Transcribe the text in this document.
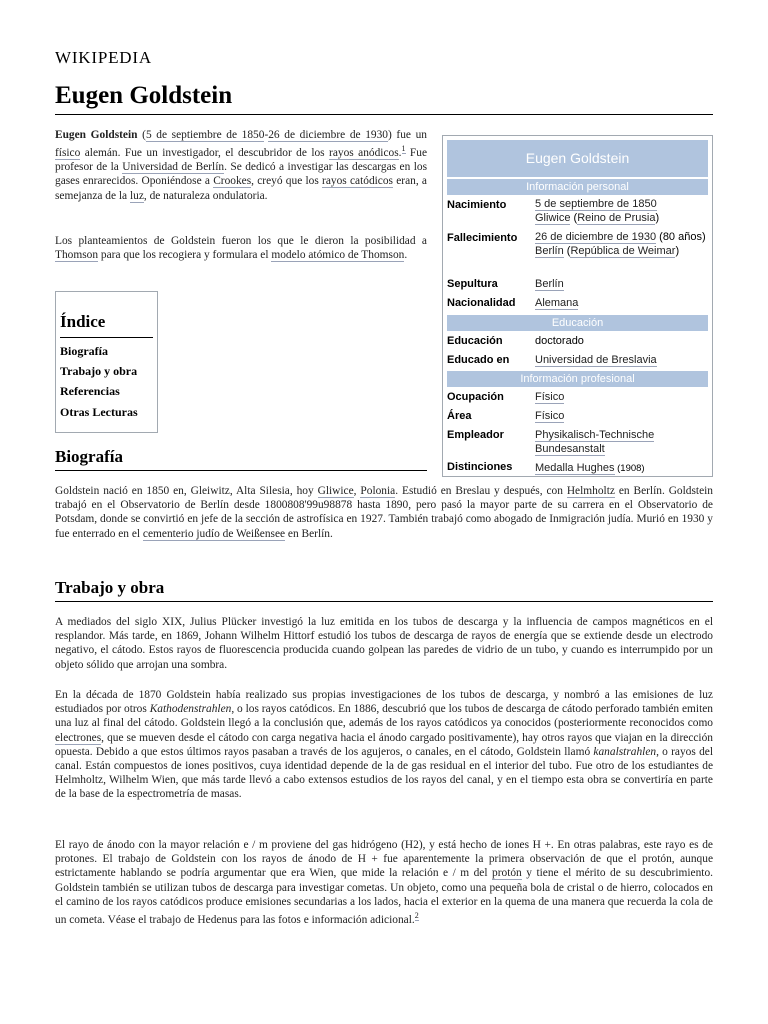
WIKIPEDIA
Eugen Goldstein

Eugen Goldstein (5 de septiembre de 1850-26 de diciembre de 1930) fue un físico alemán. Fue un investigador, el descubridor de los rayos anódicos.$^1$ Fue profesor de la Universidad de Berlín. Se dedicó a investigar las descargas en los gases enrarecidos. Oponiéndose a Crookes, creyó que los rayos catódicos eran, a semejanza de la luz, de naturaleza ondulatoria.

Los planteamientos de Goldstein fueron los que le dieron la posibilidad a Thomson para que los recogiera y formulara el modelo atómico de Thomson.

Índice
Biografía
Trabajo y obra
Referencias
Otras Lecturas
Eugen Goldstein
Información personal
Nacimiento	5 de septiembre de 1850
Gliwice (Reino de Prusia)
Fallecimiento 26 de diciembre de 1930 (80 años)
Berlín (República de Weimar)
Sepultura	Berlín
Nacionalidad Alemana
Educación
Educación	doctorado
Educado en Universidad de Breslavia
Información profesional
Ocupación	Físico
Área	Físico
Empleador	Physikalisch-Technische Bundesanstalt
Distinciones Medalla Hughes (1908)
Biografía

Goldstein nació en 1850 en, Gleiwitz, Alta Silesia, hoy Gliwice, Polonia. Estudió en Breslau y después, con Helmholtz en Berlín. Goldstein trabajó en el Observatorio de Berlín desde 1800808'99u98878 hasta 1890, pero pasó la mayor parte de su carrera en el Observatorio de Potsdam, donde se convirtió en jefe de la sección de astrofísica en 1927. También trabajó como abogado de Inmigración judía. Murió en 1930 y fue enterrado en el cementerio judío de Weißensee en Berlín.

Trabajo y obra

A mediados del siglo XIX, Julius Plücker investigó la luz emitida en los tubos de descarga y la influencia de campos magnéticos en el resplandor. Más tarde, en 1869, Johann Wilhelm Hittorf estudió los tubos de descarga de rayos de energía que se extiende desde un electrodo negativo, el cátodo. Estos rayos de fluorescencia producida cuando golpean las paredes de vidrio de un tubo, y cuando es interrumpido por un objeto sólido que arrojan una sombra.

En la década de 1870 Goldstein había realizado sus propias investigaciones de los tubos de descarga, y nombró a las emisiones de luz estudiados por otros Kathodenstrahlen, o los rayos catódicos. En 1886, descubrió que los tubos de descarga de cátodo perforado también emiten una luz al final del cátodo. Goldstein llegó a la conclusión que, además de los rayos catódicos ya conocidos (posteriormente reconocidos como electrones, que se mueven desde el cátodo con carga negativa hacia el ánodo cargado positivamente), hay otros rayos que viajan en la dirección opuesta. Debido a que estos últimos rayos pasaban a través de los agujeros, o canales, en el cátodo, Goldstein llamó kanalstrahlen, o rayos del canal. Están compuestos de iones positivos, cuya identidad depende de la de gas residual en el interior del tubo. Fue otro de los estudiantes de Helmholtz, Wilhelm Wien, que más tarde llevó a cabo extensos estudios de los rayos del canal, y en el tiempo esta obra se convertiría en parte de la base de la espectrometría de masas.

El rayo de ánodo con la mayor relación e / m proviene del gas hidrógeno (H2), y está hecho de iones H +. En otras palabras, este rayo es de protones. El trabajo de Goldstein con los rayos de ánodo de H + fue aparentemente la primera observación de que el protón, aunque estrictamente hablando se podría argumentar que era Wien, que mide la relación e / m del protón y tiene el mérito de su descubrimiento. Goldstein también se utilizan tubos de descarga para investigar cometas. Un objeto, como una pequeña bola de cristal o de hierro, colocados en el camino de los rayos catódicos produce emisiones secundarias a los lados, hacia el exterior en la quema de una manera que recuerda la cola de un cometa. Véase el trabajo de Hedenus para las fotos e información adicional.$^2$
